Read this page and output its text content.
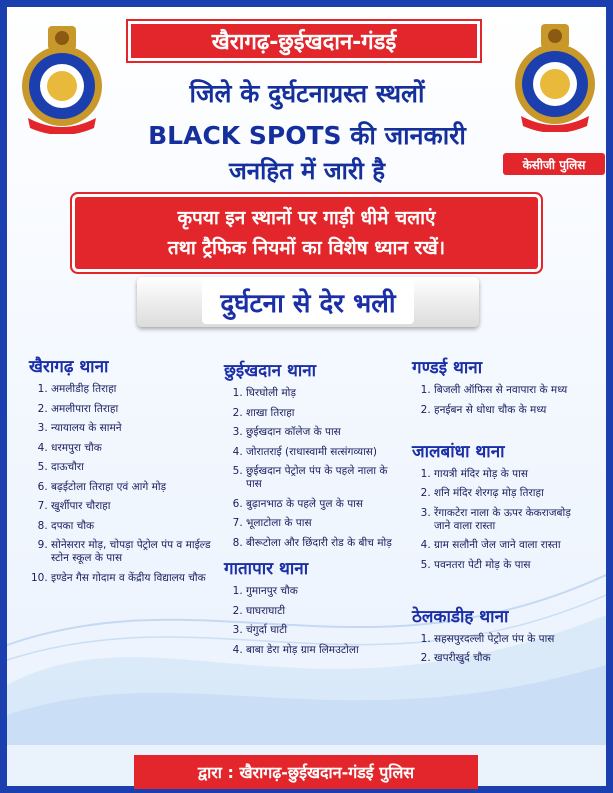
खैरागढ़-छुईखदान-गंडई
जिले के दुर्घटनाग्रस्त स्थलों
BLACK SPOTS की जानकारी
जनहित में जारी है	केसीजी पुलिस
कृपया इन स्थानों पर गाड़ी धीमे चलाएं
तथा ट्रैफिक नियमों का विशेष ध्यान रखें।
दुर्घटना से देर भली
खैरागढ़ थाना
1. अमलीडीह तिराहा
2. अमलीपारा तिराहा
3. न्यायालय के सामने
4. धरमपुरा चौक
5. दाऊचौरा
6. बढ़ईटोला तिराहा एवं आगे मोड़
7. खुर्शीपार चौराहा
8. दपका चौक
9. सोनेसरार मोड़, चोपड़ा पेट्रोल पंप व माईल्ड स्टोन स्कूल के पास
10. इण्डेन गैस गोदाम व केंद्रीय विद्यालय चौक
छुईखदान थाना
1. घिरघोली मोड़
2. शाखा तिराहा
3. छुईखदान कॉलेज के पास
4. जोरातराई (राधास्वामी सत्संगव्यास)
5. छुईखदान पेट्रोल पंप के पहले नाला के पास
6. बुढ़ानभाठ के पहले पुल के पास
7. भूलाटोला के पास
8. बीरूटोला और छिंदारी रोड के बीच मोड़
गातापार थाना
1. गुमानपुर चौक
2. घाघराघाटी
3. चंगुर्दा घाटी
4. बाबा डेरा मोड़ ग्राम लिमउटोला
गण्डई थाना
1. बिजली ऑफिस से नवापारा के मध्य
2. हनईबन से धोधा चौक के मध्य
जालबांधा थाना
1. गायत्री मंदिर मोड़ के पास
2. शनि मंदिर शेरगढ़ मोड़ तिराहा
3. रेंगाकटेरा नाला के ऊपर केकराजबोड़ जाने वाला रास्ता
4. ग्राम सलौनी जेल जाने वाला रास्ता
5. पवनतरा पेटी मोड़ के पास
ठेलकाडीह थाना
1. सहसपुरदल्ली पेट्रोल पंप के पास
2. खपरीखुर्द चौक
द्वारा : खैरागढ़-छुईखदान-गंडई पुलिस
